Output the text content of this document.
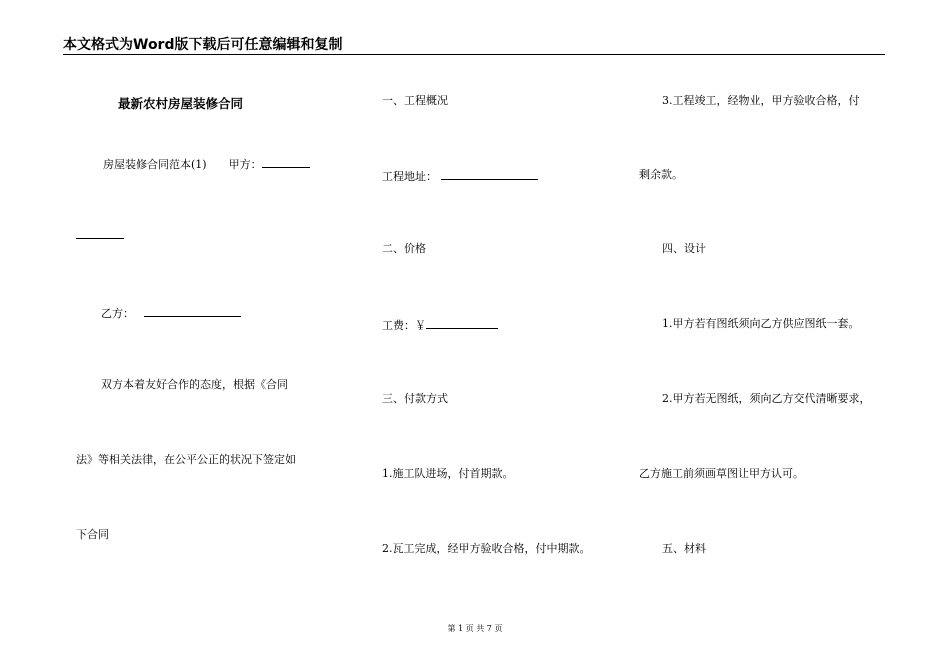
本文格式为Word版下载后可任意编辑和复制
最新农村房屋装修合同
房屋装修合同范本(1)　　甲方：
乙方：
双方本着友好合作的态度，根据《合同
法》等相关法律，在公平公正的状况下签定如
下合同
一、工程概况
工程地址：
二、价格
工费：￥
三、付款方式
1.施工队进场，付首期款。
2.瓦工完成，经甲方验收合格，付中期款。
3.工程竣工，经物业，甲方验收合格，付
剩余款。
四、设计
1.甲方若有图纸须向乙方供应图纸一套。
2.甲方若无图纸，须向乙方交代清晰要求，
乙方施工前须画草图让甲方认可。
五、材料
第 1 页 共 7 页
